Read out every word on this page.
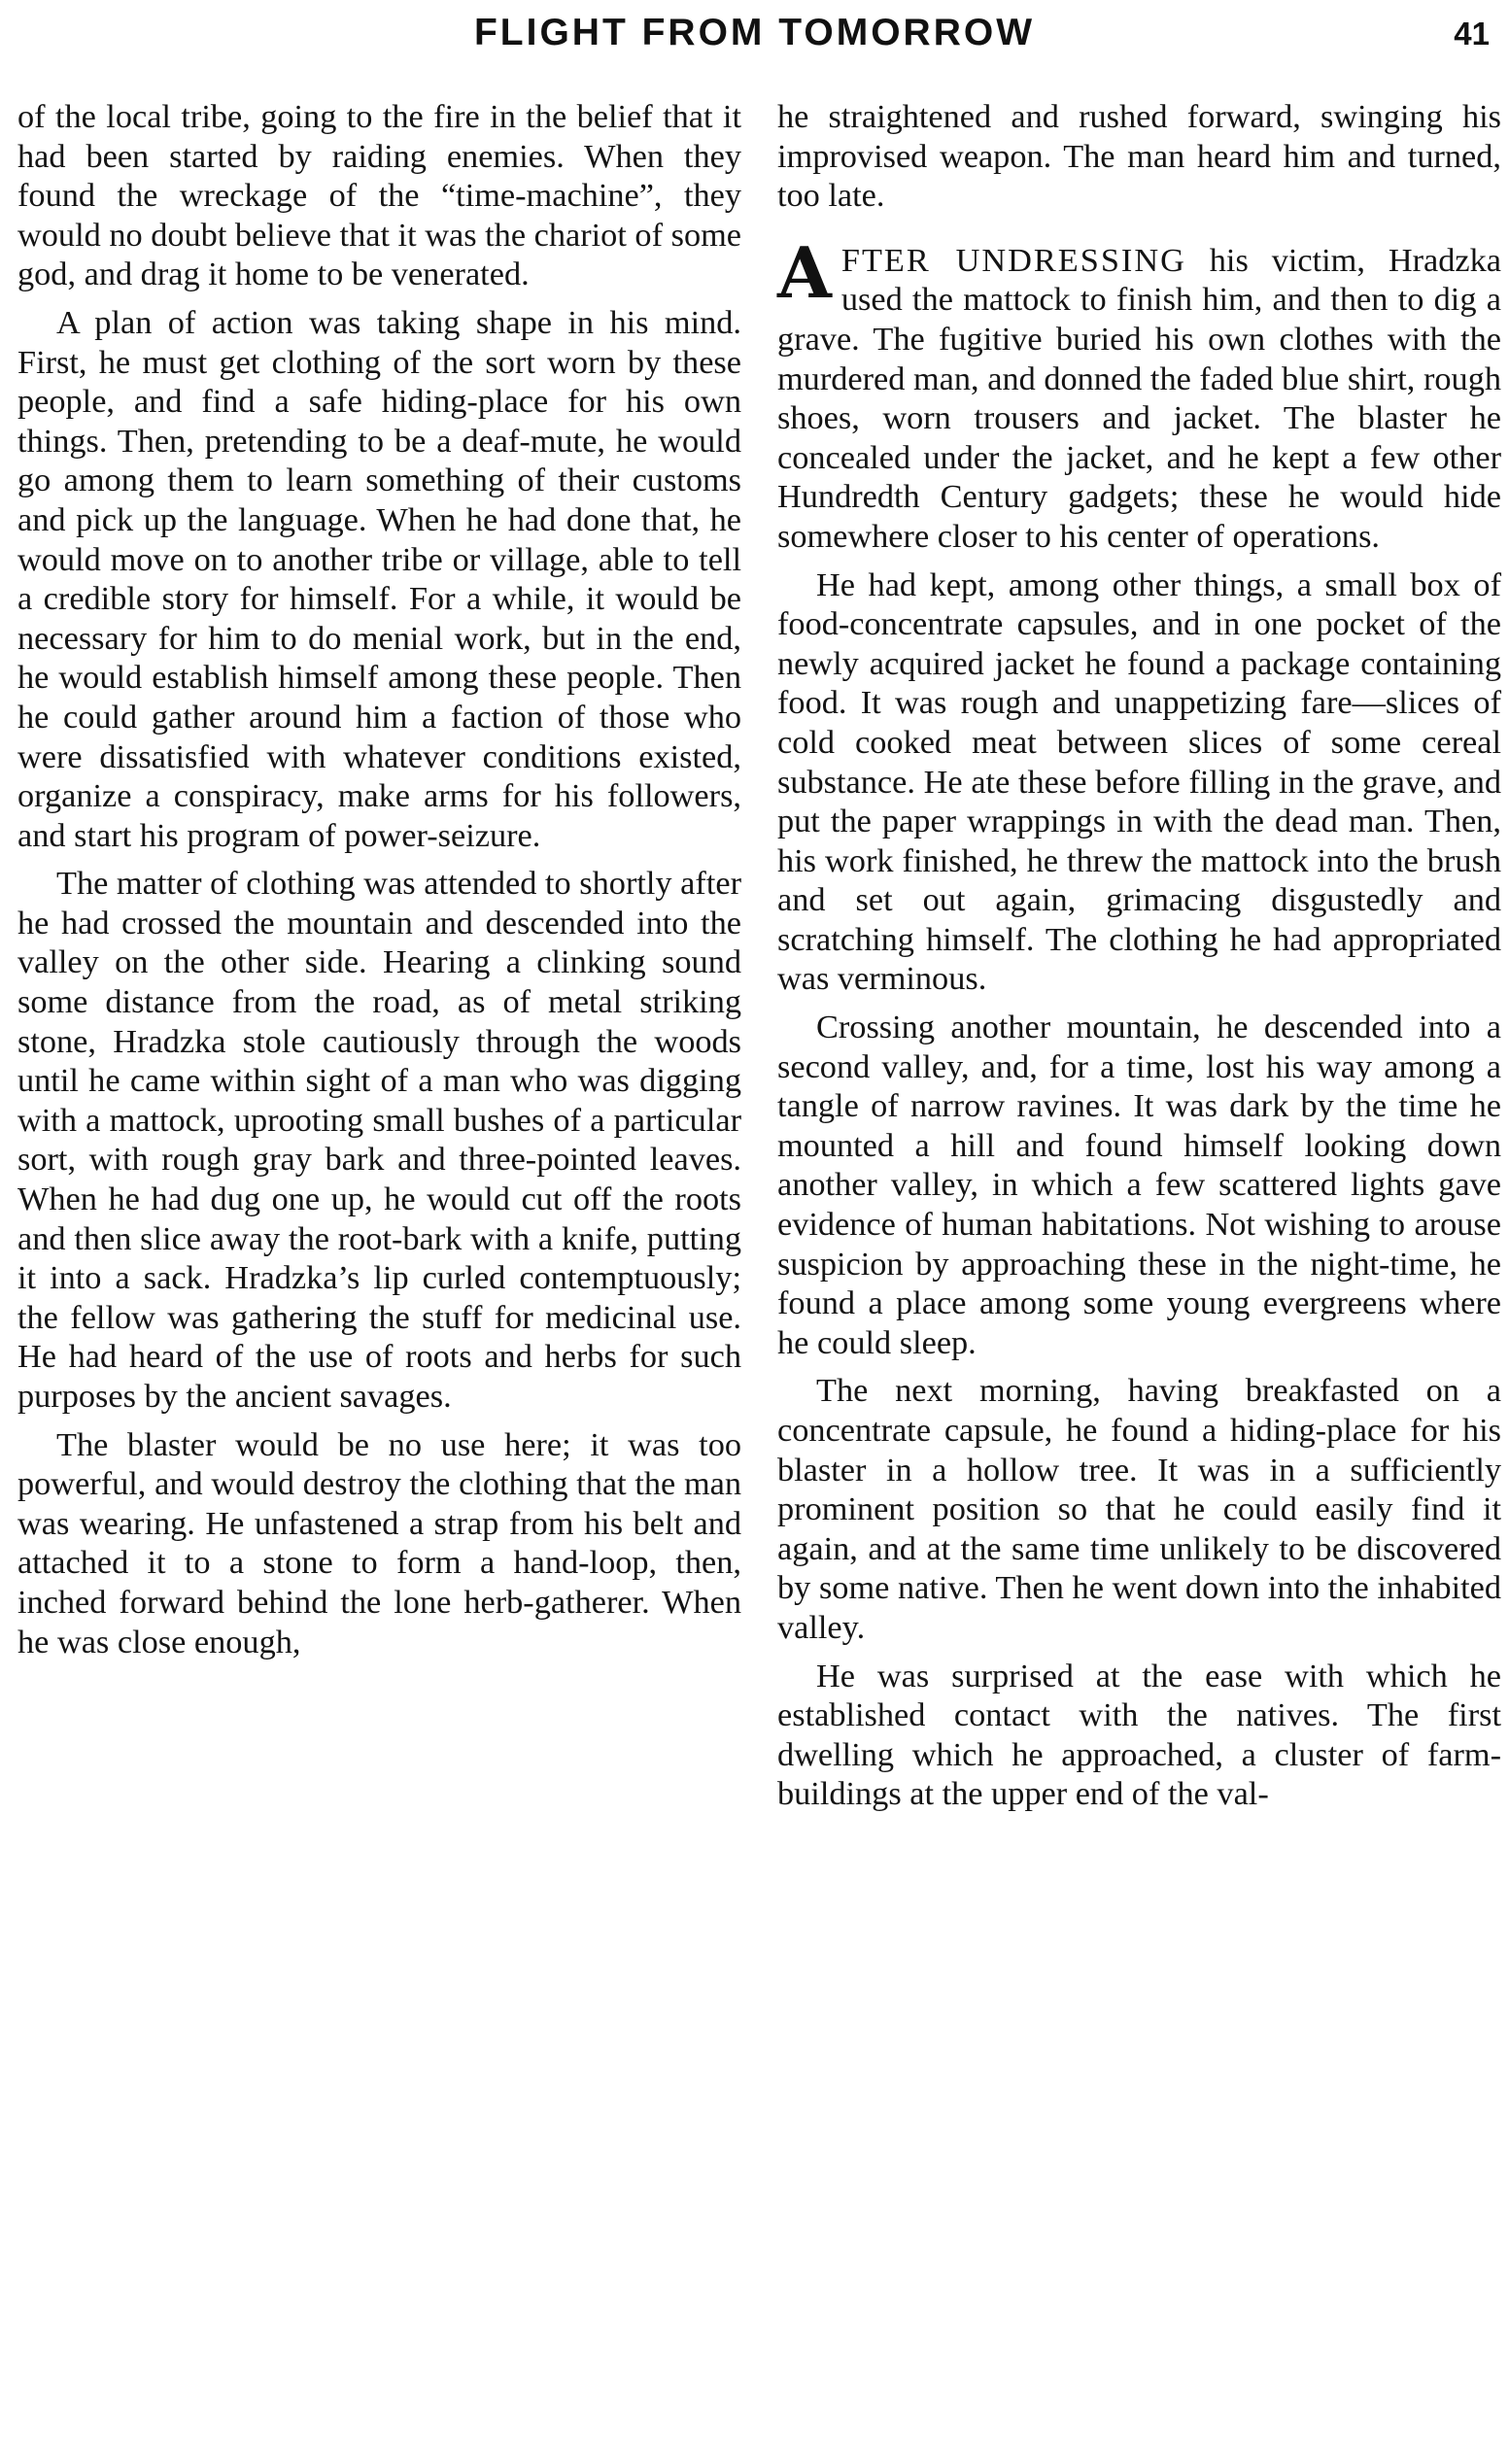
FLIGHT FROM TOMORROW	41

of the local tribe, going to the fire in the belief that it had been started by raiding enemies. When they found the wreckage of the “time-machine”, they would no doubt believe that it was the chariot of some god, and drag it home to be venerated.

A plan of action was taking shape in his mind. First, he must get clothing of the sort worn by these people, and find a safe hiding-place for his own things. Then, pretending to be a deaf-mute, he would go among them to learn something of their customs and pick up the language. When he had done that, he would move on to another tribe or village, able to tell a credible story for himself. For a while, it would be necessary for him to do menial work, but in the end, he would establish himself among these people. Then he could gather around him a faction of those who were dissatisfied with whatever conditions existed, organize a conspiracy, make arms for his followers, and start his program of power-seizure.

The matter of clothing was attended to shortly after he had crossed the mountain and descended into the valley on the other side. Hearing a clinking sound some distance from the road, as of metal striking stone, Hradzka stole cautiously through the woods until he came within sight of a man who was digging with a mattock, uprooting small bushes of a particular sort, with rough gray bark and three-pointed leaves. When he had dug one up, he would cut off the roots and then slice away the root-bark with a knife, putting it into a sack. Hradzka’s lip curled contemptuously; the fellow was gathering the stuff for medicinal use. He had heard of the use of roots and herbs for such purposes by the ancient savages.

The blaster would be no use here; it was too powerful, and would destroy the clothing that the man was wearing. He unfastened a strap from his belt and attached it to a stone to form a hand-loop, then, inched forward behind the lone herb-gatherer. When he was close enough,

he straightened and rushed forward, swinging his improvised weapon. The man heard him and turned, too late.

AFTER UNDRESSING his victim, Hradzka used the mattock to finish him, and then to dig a grave. The fugitive buried his own clothes with the murdered man, and donned the faded blue shirt, rough shoes, worn trousers and jacket. The blaster he concealed under the jacket, and he kept a few other Hundredth Century gadgets; these he would hide somewhere closer to his center of operations.

He had kept, among other things, a small box of food-concentrate capsules, and in one pocket of the newly acquired jacket he found a package containing food. It was rough and unappetizing fare—slices of cold cooked meat between slices of some cereal substance. He ate these before filling in the grave, and put the paper wrappings in with the dead man. Then, his work finished, he threw the mattock into the brush and set out again, grimacing disgustedly and scratching himself. The clothing he had appropriated was verminous.

Crossing another mountain, he descended into a second valley, and, for a time, lost his way among a tangle of narrow ravines. It was dark by the time he mounted a hill and found himself looking down another valley, in which a few scattered lights gave evidence of human habitations. Not wishing to arouse suspicion by approaching these in the night-time, he found a place among some young evergreens where he could sleep.

The next morning, having breakfasted on a concentrate capsule, he found a hiding-place for his blaster in a hollow tree. It was in a sufficiently prominent position so that he could easily find it again, and at the same time unlikely to be discovered by some native. Then he went down into the inhabited valley.

He was surprised at the ease with which he established contact with the natives. The first dwelling which he approached, a cluster of farm-buildings at the upper end of the val-
